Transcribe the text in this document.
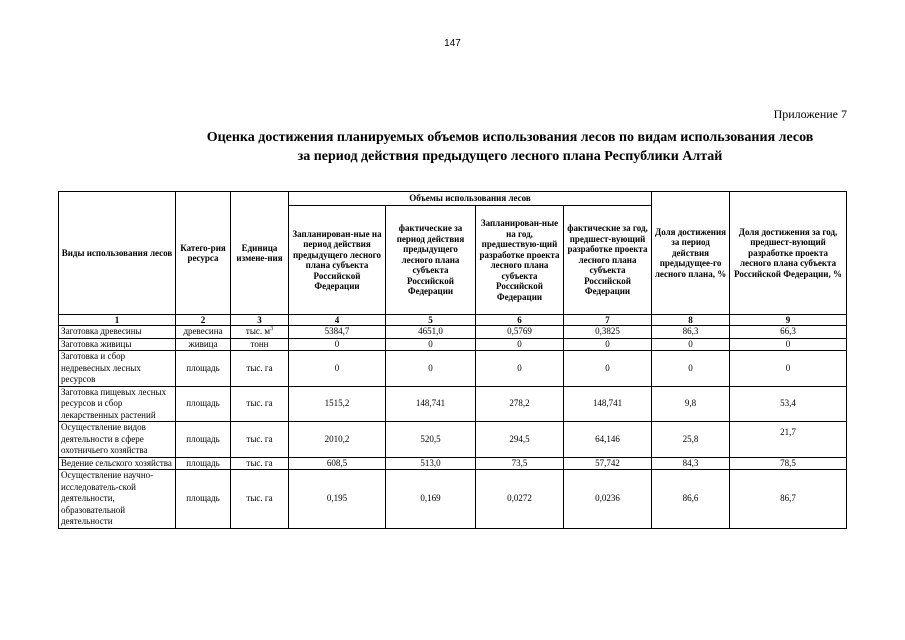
147
Приложение 7
Оценка достижения планируемых объемов использования лесов по видам использования лесов
за период действия предыдущего лесного плана Республики Алтай
Виды использования лесов	Катего-рия ресурса	Единица измене-ния	Объемы использования лесов				Доля достижения за период действия предыдущее-го лесного плана, %	Доля достижения за год, предшест-вующий разработке проекта лесного плана субъекта Российской Федерации, %
			Запланирован-ные на период действия предыдущего лесного плана субъекта Российской Федерации	фактические за период действия предыдущего лесного плана субъекта Российской Федерации	Запланирован-ные на год, предшествую-щий разработке проекта лесного плана субъекта Российской Федерации	фактические за год, предшест-вующий разработке проекта лесного плана субъекта Российской Федерации		
1	2	3	4	5	6	7	8	9
Заготовка древесины	древесина	тыс. $м^3$	5384,7	4651,0	0,5769	0,3825	86,3	66,3
Заготовка живицы	живица	тонн	0	0	0	0	0	0
Заготовка и сбор недревесных лесных ресурсов	площадь	тыс. га	0	0	0	0	0	0
Заготовка пищевых лесных ресурсов и сбор лекарственных растений	площадь	тыс. га	1515,2	148,741	278,2	148,741	9,8	53,4
Осуществление видов деятельности в сфере охотничьего хозяйства	площадь	тыс. га	2010,2	520,5	294,5	64,146	25,8	21,7
Ведение сельского хозяйства	площадь	тыс. га	608,5	513,0	73,5	57,742	84,3	78,5
Осуществление научно-исследователь-ской деятельности, образовательной деятельности	площадь	тыс. га	0,195	0,169	0,0272	0,0236	86,6	86,7
